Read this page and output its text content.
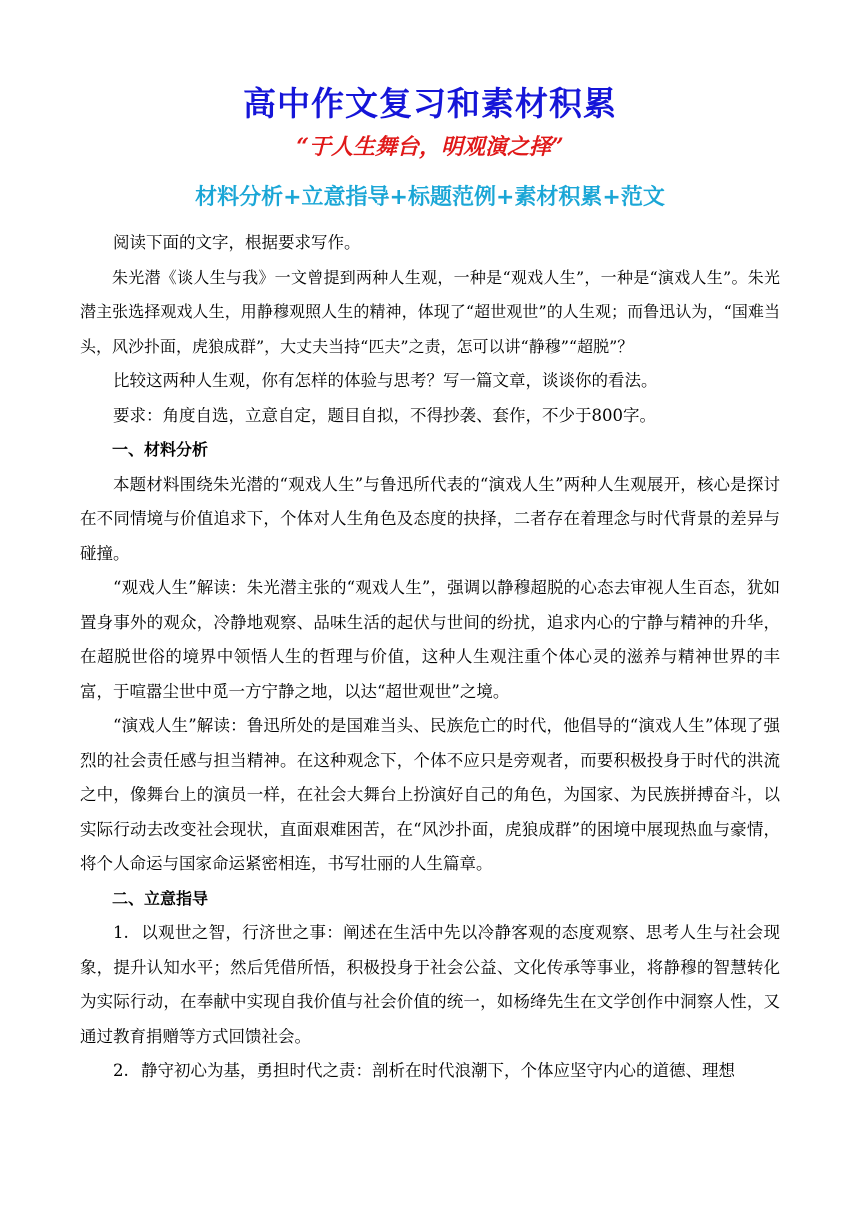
高中作文复习和素材积累
“于人生舞台，明观演之择”
材料分析+立意指导+标题范例+素材积累+范文

阅读下面的文字，根据要求写作。

朱光潜《谈人生与我》一文曾提到两种人生观，一种是“观戏人生”，一种是“演戏人生”。朱光潜主张选择观戏人生，用静穆观照人生的精神，体现了“超世观世”的人生观；而鲁迅认为，“国难当头，风沙扑面，虎狼成群”，大丈夫当持“匹夫”之责，怎可以讲“静穆”“超脱”？

比较这两种人生观，你有怎样的体验与思考？写一篇文章，谈谈你的看法。

要求：角度自选，立意自定，题目自拟，不得抄袭、套作，不少于800字。

一、材料分析

本题材料围绕朱光潜的“观戏人生”与鲁迅所代表的“演戏人生”两种人生观展开，核心是探讨在不同情境与价值追求下，个体对人生角色及态度的抉择，二者存在着理念与时代背景的差异与碰撞。

“观戏人生”解读：朱光潜主张的“观戏人生”，强调以静穆超脱的心态去审视人生百态，犹如置身事外的观众，冷静地观察、品味生活的起伏与世间的纷扰，追求内心的宁静与精神的升华，在超脱世俗的境界中领悟人生的哲理与价值，这种人生观注重个体心灵的滋养与精神世界的丰富，于喧嚣尘世中觅一方宁静之地，以达“超世观世”之境。

“演戏人生”解读：鲁迅所处的是国难当头、民族危亡的时代，他倡导的“演戏人生”体现了强烈的社会责任感与担当精神。在这种观念下，个体不应只是旁观者，而要积极投身于时代的洪流之中，像舞台上的演员一样，在社会大舞台上扮演好自己的角色，为国家、为民族拼搏奋斗，以实际行动去改变社会现状，直面艰难困苦，在“风沙扑面，虎狼成群”的困境中展现热血与豪情，将个人命运与国家命运紧密相连，书写壮丽的人生篇章。

二、立意指导

1. 以观世之智，行济世之事：阐述在生活中先以冷静客观的态度观察、思考人生与社会现象，提升认知水平；然后凭借所悟，积极投身于社会公益、文化传承等事业，将静穆的智慧转化为实际行动，在奉献中实现自我价值与社会价值的统一，如杨绛先生在文学创作中洞察人性，又通过教育捐赠等方式回馈社会。

2. 静守初心为基，勇担时代之责：剖析在时代浪潮下，个体应坚守内心的道德、理想
